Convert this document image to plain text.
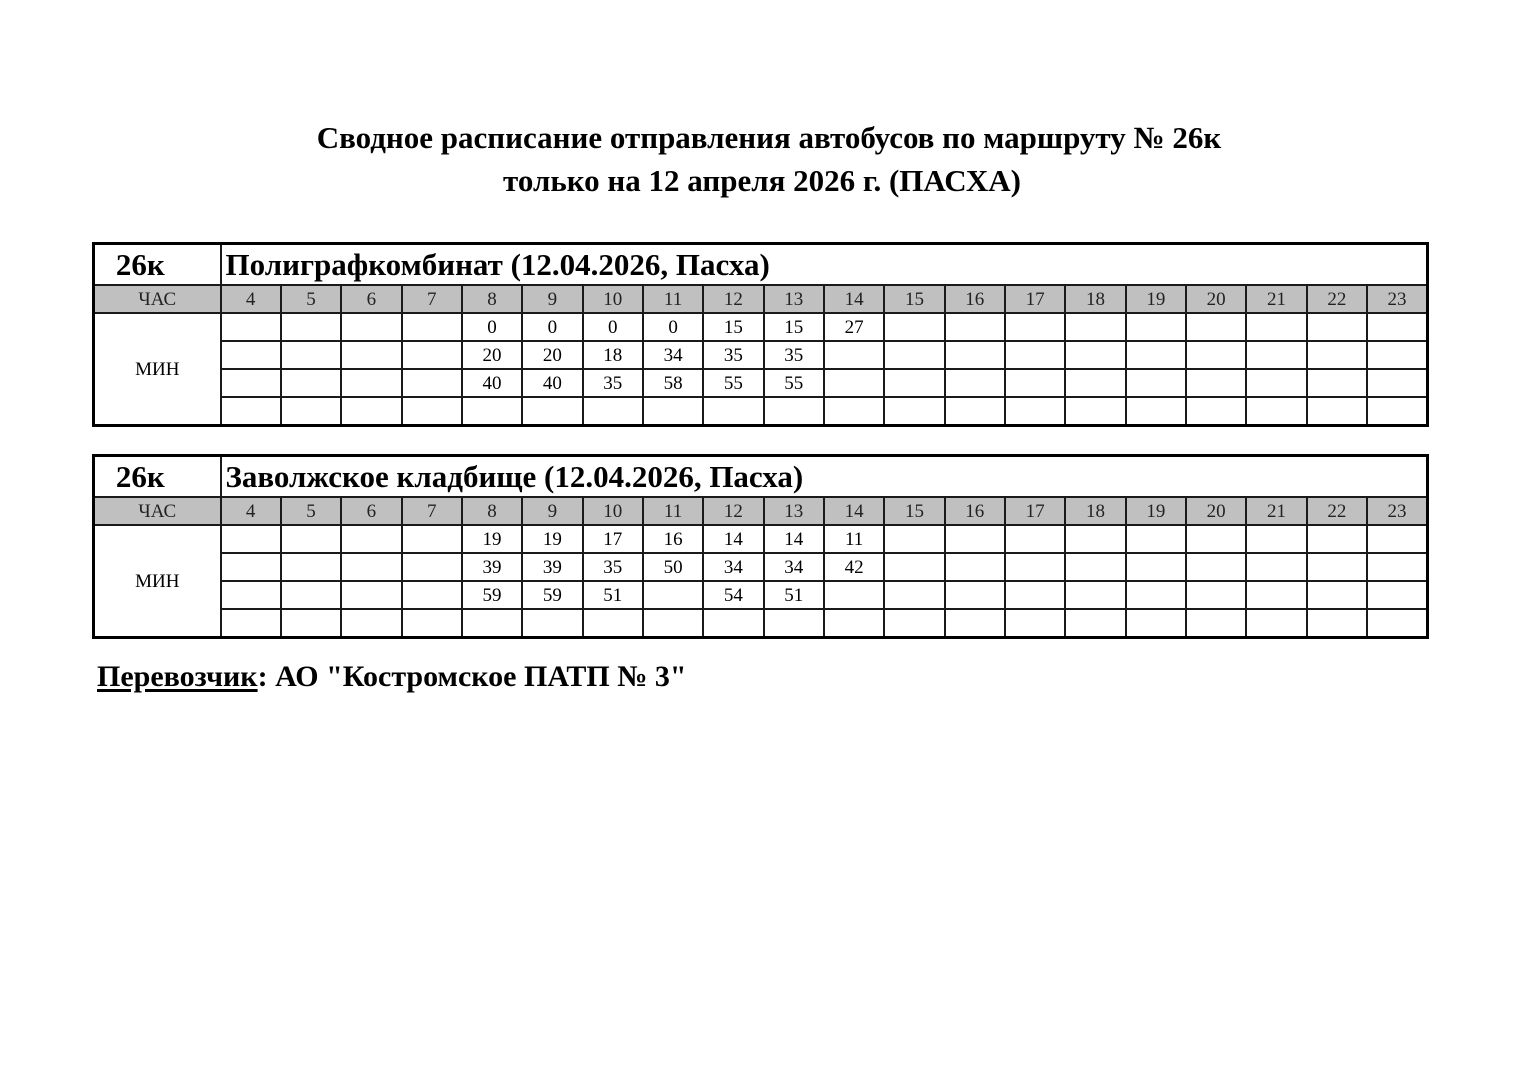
Сводное расписание отправления автобусов по маршруту № 26к
только на 12 апреля 2026 г. (ПАСХА)
26к	Полиграфкомбинат (12.04.2026, Пасха)																			
ЧАС	4	5	6	7	8	9	10	11	12	13	14	15	16	17	18	19	20	21	22	23
МИН					0	0	0	0	15	15	27									
					20	20	18	34	35	35										
					40	40	35	58	55	55										

26к	Заволжское кладбище (12.04.2026, Пасха)																			
ЧАС	4	5	6	7	8	9	10	11	12	13	14	15	16	17	18	19	20	21	22	23
МИН					19	19	17	16	14	14	11									
					39	39	35	50	34	34	42									
					59	59	51		54	51										

Перевозчик: АО "Костромское ПАТП № 3"
